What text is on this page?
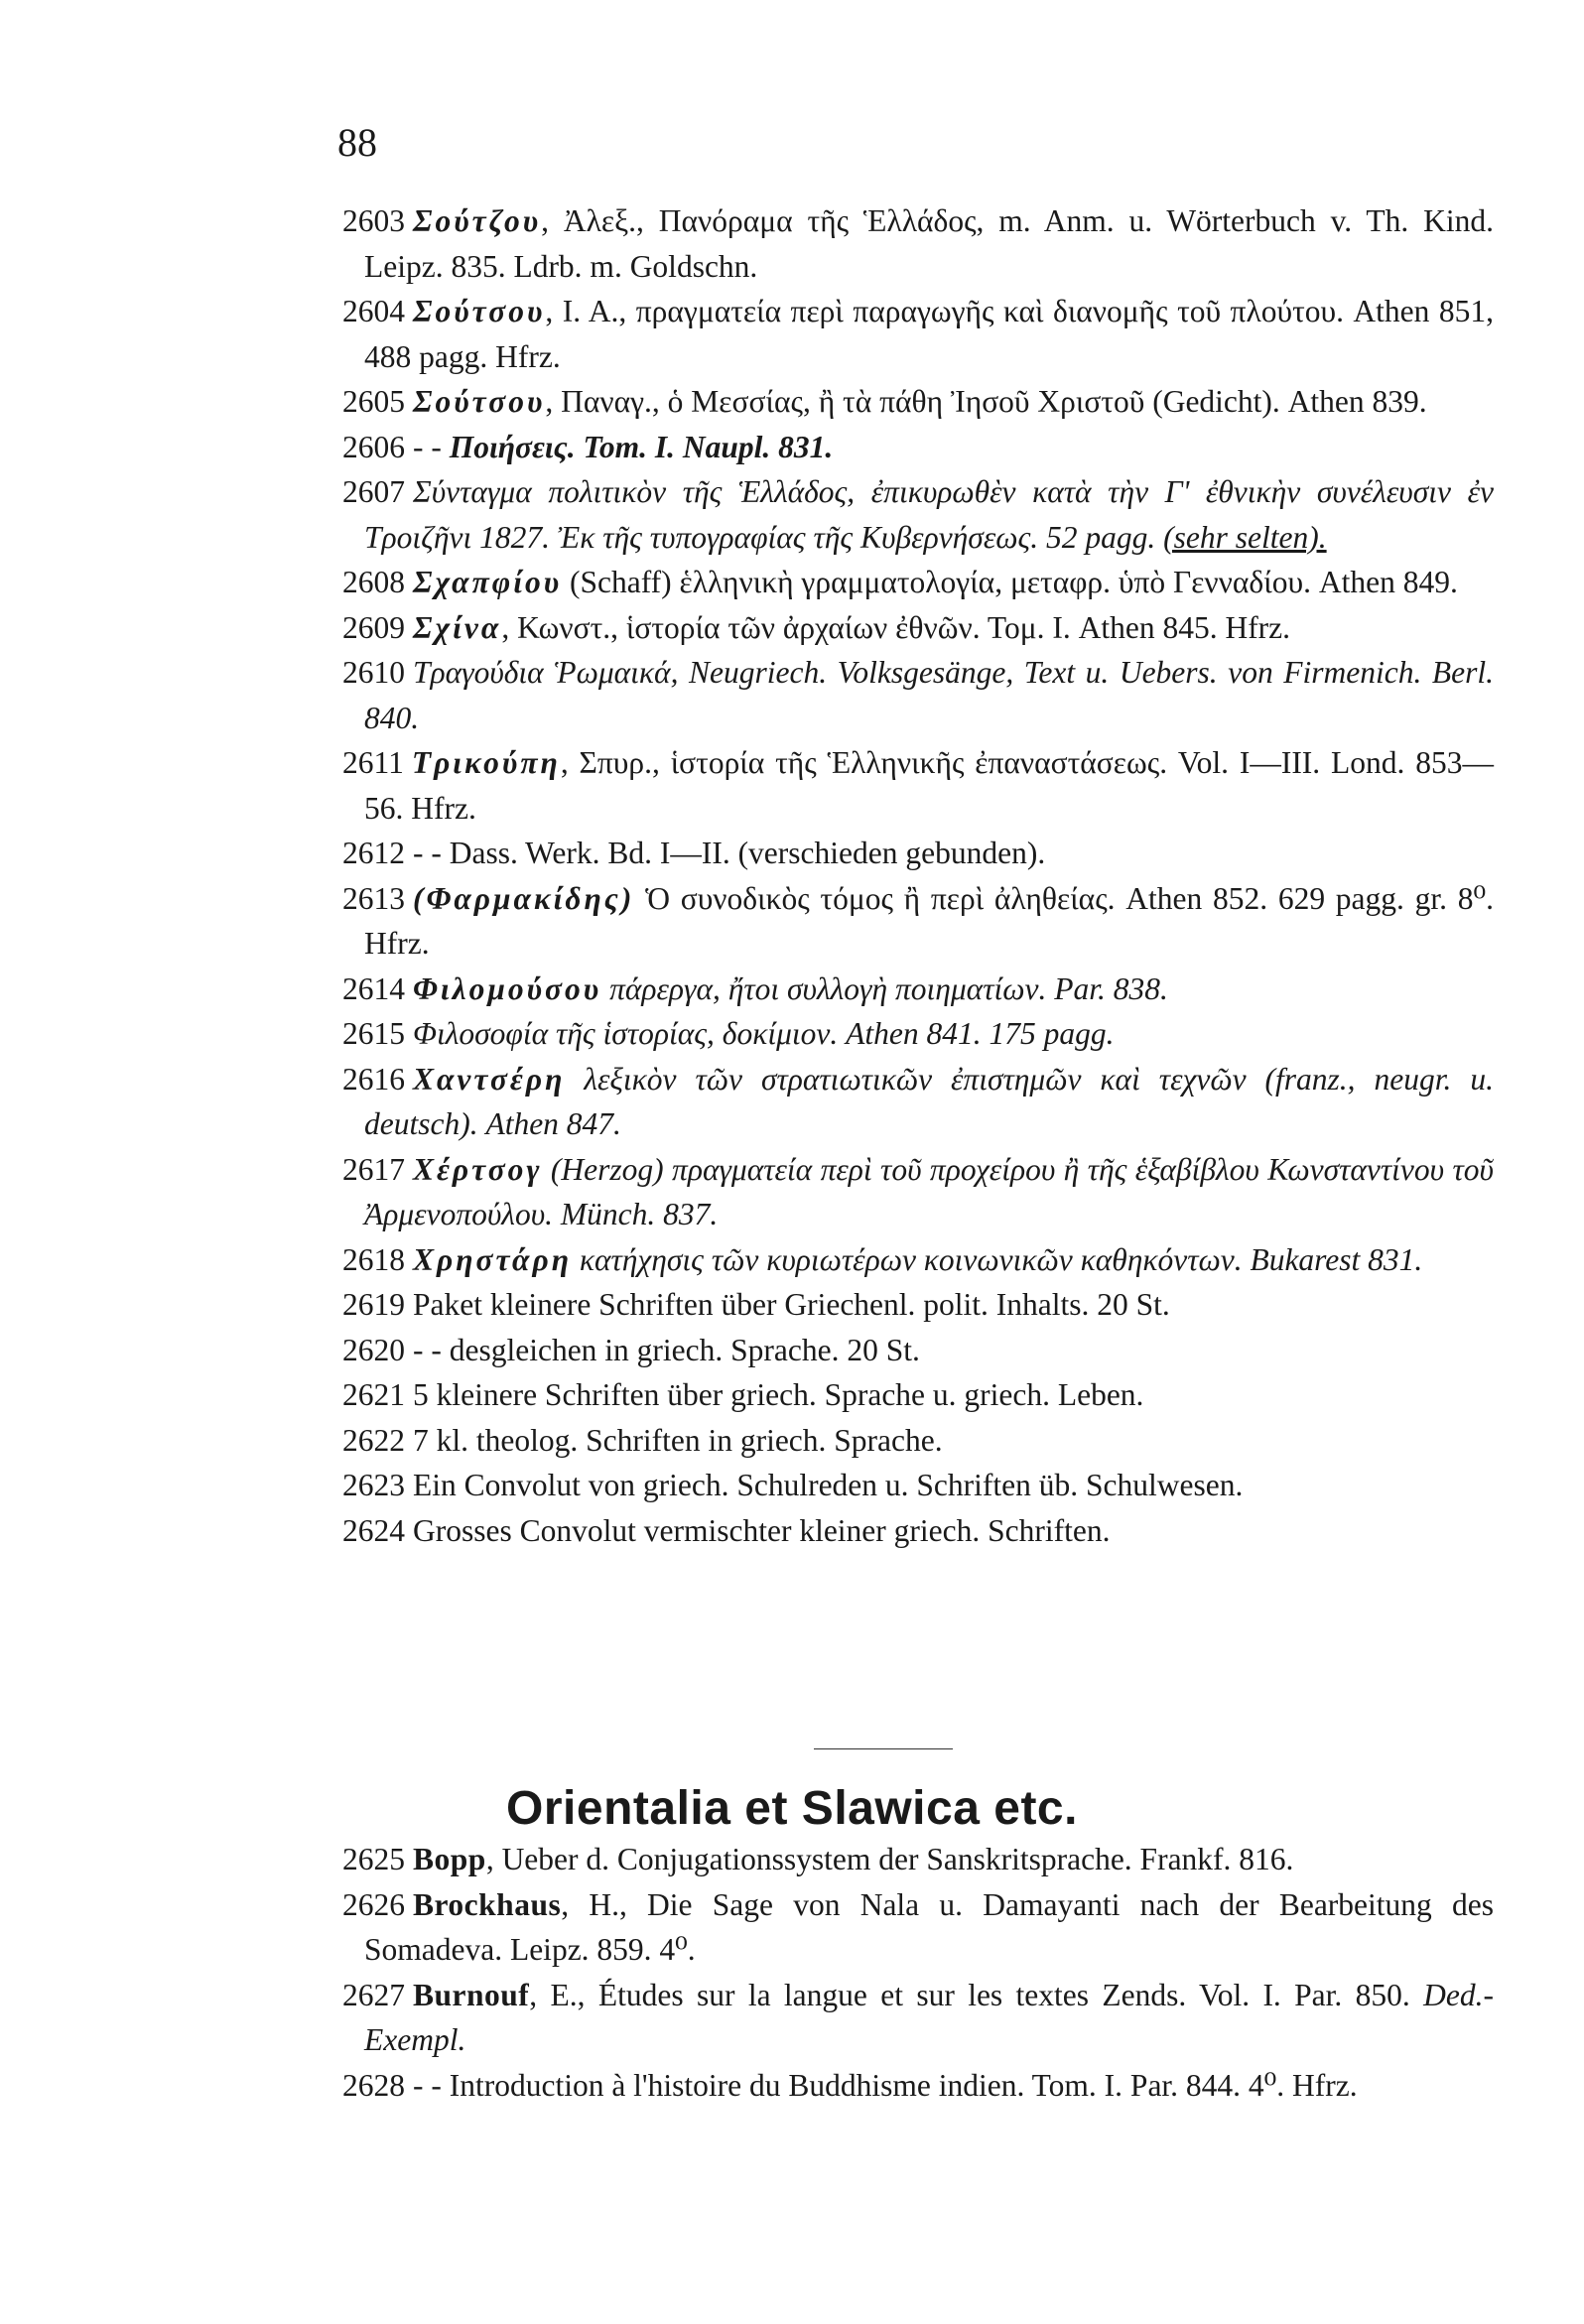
88
2603 Σούτζου, Ἀλεξ., Πανόραμα τῆς Ἑλλάδος, m. Anm. u. Wörterbuch v. Th. Kind. Leipz. 835. Ldrb. m. Goldschn.
2604 Σούτσου, Ι. Α., πραγματεία περὶ παραγωγῆς καὶ διανομῆς τοῦ πλούτου. Athen 851, 488 pagg. Hfrz.
2605 Σούτσου, Παναγ., ὁ Μεσσίας, ἢ τὰ πάθη Ἰησοῦ Χριστοῦ (Gedicht). Athen 839.
2606 - - Ποιήσεις. Tom. I. Naupl. 831.
2607 Σύνταγμα πολιτικὸν τῆς Ἑλλάδος, ἐπικυρωθὲν κατὰ τὴν Γ' ἐθνικὴν συνέλευσιν ἐν Τροιζῆνι 1827. Ἐκ τῆς τυπογραφίας τῆς Κυβερνήσεως. 52 pagg. (sehr selten).
2608 Σχαπφίου (Schaff) ἑλληνικὴ γραμματολογία, μεταφρ. ὑπὸ Γενναδίου. Athen 849.
2609 Σχίνα, Κωνστ., ἱστορία τῶν ἀρχαίων ἐθνῶν. Τομ. Ι. Athen 845. Hfrz.
2610 Τραγούδια Ῥωμαικά, Neugriech. Volksgesänge, Text u. Uebers. von Firmenich. Berl. 840.
2611 Τρικούπη, Σπυρ., ἱστορία τῆς Ἑλληνικῆς ἐπαναστάσεως. Vol. I—III. Lond. 853—56. Hfrz.
2612 - - Dass. Werk. Bd. I—II. (verschieden gebunden).
2613 (Φαρμακίδης) Ὁ συνοδικὸς τόμος ἢ περὶ ἀληθείας. Athen 852. 629 pagg. gr. 8⁰. Hfrz.
2614 Φιλομούσου πάρεργα, ἤτοι συλλογὴ ποιηματίων. Par. 838.
2615 Φιλοσοφία τῆς ἱστορίας, δοκίμιον. Athen 841. 175 pagg.
2616 Χαντσέρη λεξικὸν τῶν στρατιωτικῶν ἐπιστημῶν καὶ τεχνῶν (franz., neugr. u. deutsch). Athen 847.
2617 Χέρτσογ (Herzog) πραγματεία περὶ τοῦ προχείρου ἢ τῆς ἑξαβίβλου Κωνσταντίνου τοῦ Ἀρμενοπούλου. Münch. 837.
2618 Χρηστάρη κατήχησις τῶν κυριωτέρων κοινωνικῶν καθηκόντων. Bukarest 831.
2619 Paket kleinere Schriften über Griechenl. polit. Inhalts. 20 St.
2620 - - desgleichen in griech. Sprache. 20 St.
2621 5 kleinere Schriften über griech. Sprache u. griech. Leben.
2622 7 kl. theolog. Schriften in griech. Sprache.
2623 Ein Convolut von griech. Schulreden u. Schriften üb. Schulwesen.
2624 Grosses Convolut vermischter kleiner griech. Schriften.
Orientalia et Slawica etc.
2625 Bopp, Ueber d. Conjugationssystem der Sanskritsprache. Frankf. 816.
2626 Brockhaus, H., Die Sage von Nala u. Damayanti nach der Bearbeitung des Somadeva. Leipz. 859. 4⁰.
2627 Burnouf, E., Études sur la langue et sur les textes Zends. Vol. I. Par. 850. Ded.-Exempl.
2628 - - Introduction à l'histoire du Buddhisme indien. Tom. I. Par. 844. 4⁰. Hfrz.
